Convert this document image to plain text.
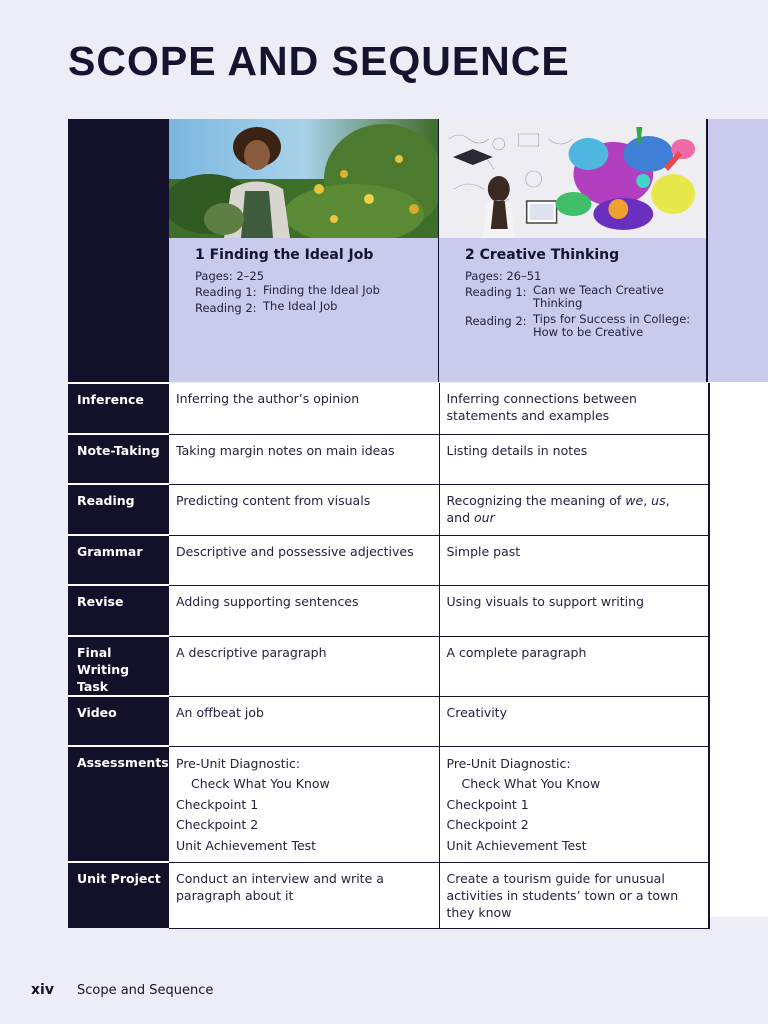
SCOPE AND SEQUENCE
1 Finding the Ideal Job
Pages: 2–25
Reading 1: Finding the Ideal Job
Reading 2: The Ideal Job
2 Creative Thinking
Pages: 26–51
Reading 1: Can we Teach Creative
Thinking
Reading 2: Tips for Success in College:
How to be Creative
Inference	Inferring the author’s opinion	Inferring connections between statements and examples
Note-Taking	Taking margin notes on main ideas	Listing details in notes
Reading	Predicting content from visuals	Recognizing the meaning of we, us,
and our
Grammar	Descriptive and possessive adjectives	Simple past
Revise	Adding supporting sentences	Using visuals to support writing
Final Writing Task	A descriptive paragraph	A complete paragraph
Video	An offbeat job	Creativity
Assessments	Pre-Unit Diagnostic:
Check What You Know
Checkpoint 1
Checkpoint 2
Unit Achievement Test	Pre-Unit Diagnostic:
Check What You Know
Checkpoint 1
Checkpoint 2
Unit Achievement Test

Unit Project	Conduct an interview and write a paragraph about it	Create a tourism guide for unusual activities in students’ town or a town they know
xiv Scope and Sequence
